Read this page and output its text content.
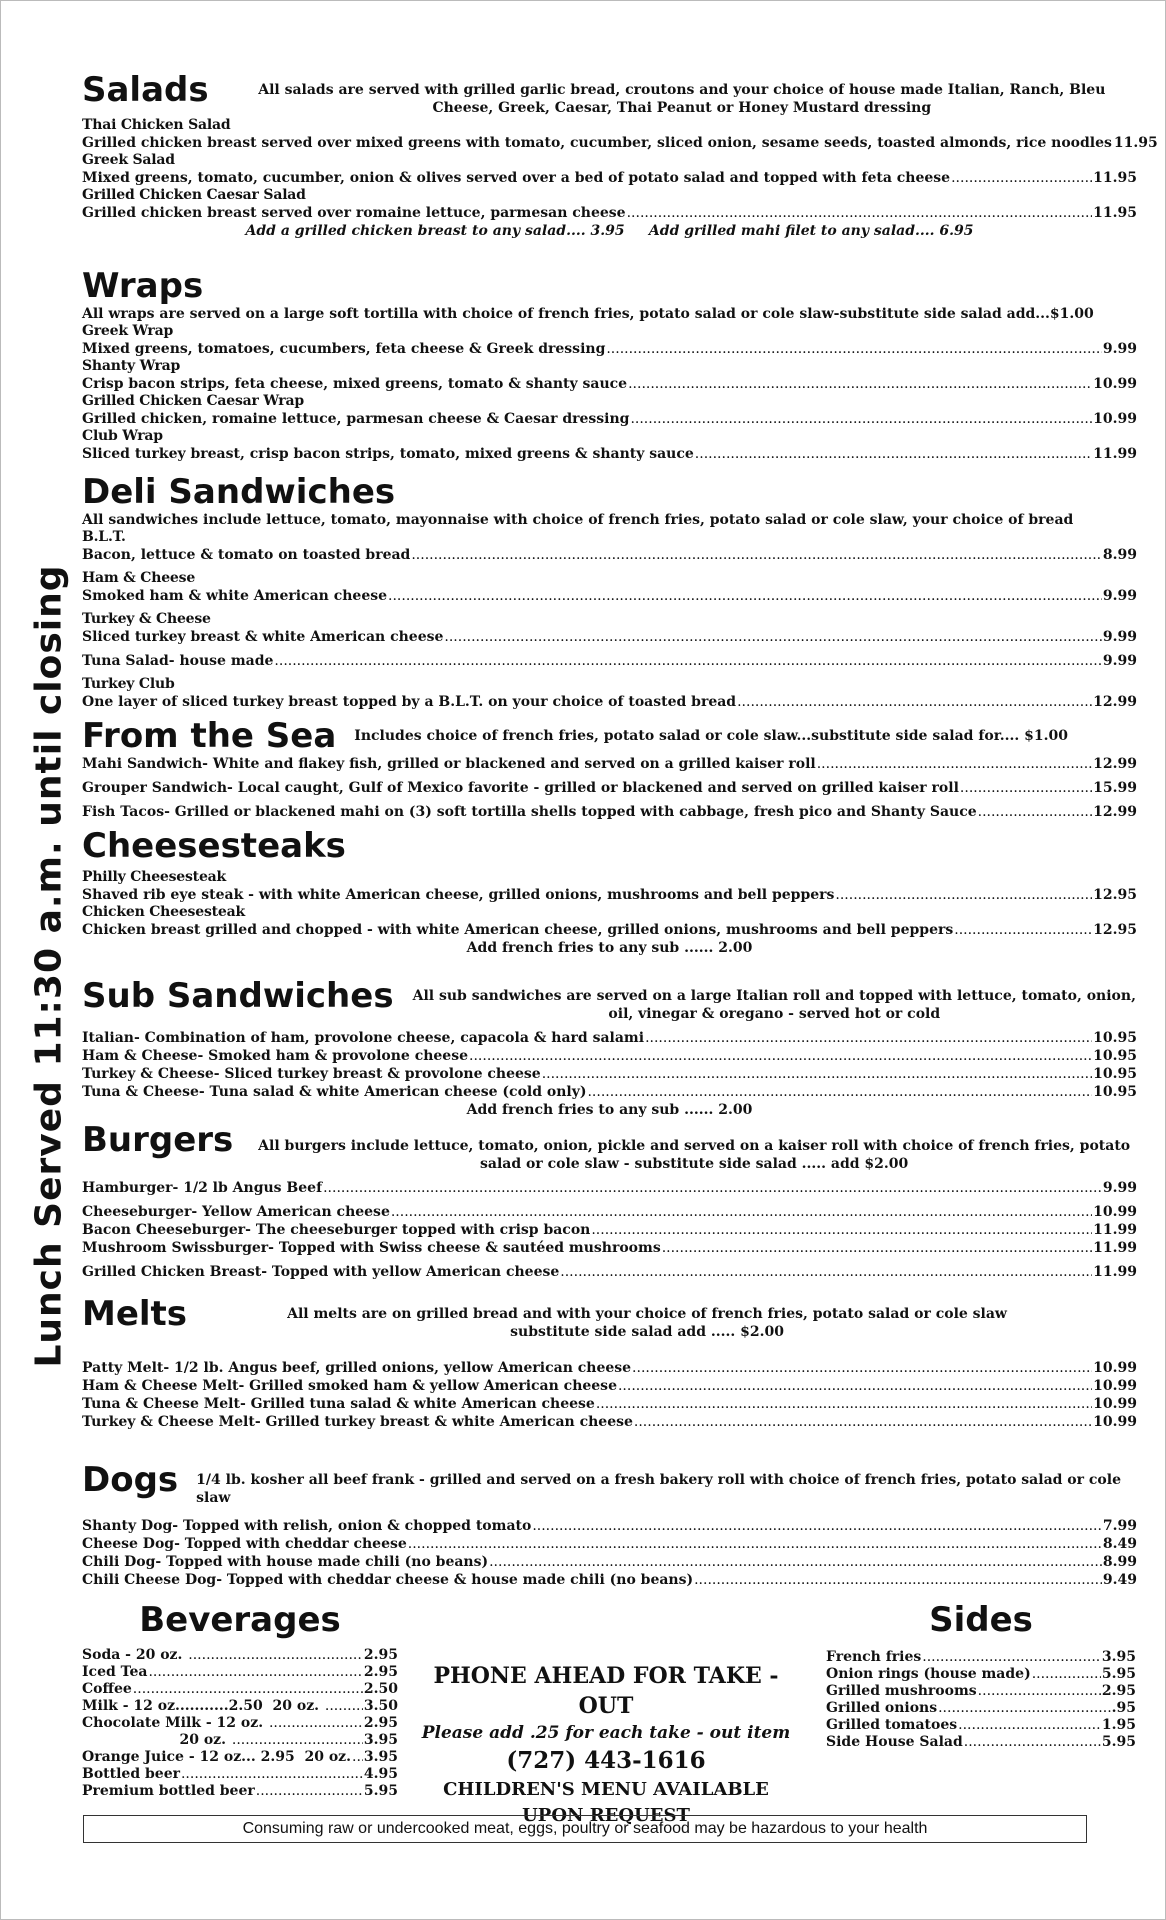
Lunch Served 11:30 a.m. until closing
Salads	All salads are served with grilled garlic bread, croutons and your choice of house made Italian, Ranch, Bleu Cheese, Greek, Caesar, Thai Peanut or Honey Mustard dressing
Thai Chicken Salad
Grilled chicken breast served over mixed greens with tomato, cucumber, sliced onion, sesame seeds, toasted almonds, rice noodles 11.95
Greek Salad
Mixed greens, tomato, cucumber, onion & olives served over a bed of potato salad and topped with feta cheese .....	11.95
Grilled Chicken Caesar Salad
Grilled chicken breast served over romaine lettuce, parmesan cheese .....	11.95
Add a grilled chicken breast to any salad.... 3.95     Add grilled mahi filet to any salad.... 6.95
Wraps
All wraps are served on a large soft tortilla with choice of french fries, potato salad or cole slaw-substitute side salad add...$1.00
Greek Wrap
Mixed greens, tomatoes, cucumbers, feta cheese & Greek dressing .....	9.99
Shanty Wrap
Crisp bacon strips, feta cheese, mixed greens, tomato & shanty sauce .....	10.99
Grilled Chicken Caesar Wrap
Grilled chicken, romaine lettuce, parmesan cheese & Caesar dressing .....	10.99
Club Wrap
Sliced turkey breast, crisp bacon strips, tomato, mixed greens & shanty sauce .....	11.99
Deli Sandwiches
All sandwiches include lettuce, tomato, mayonnaise with choice of french fries, potato salad or cole slaw, your choice of bread
B.L.T.
Bacon, lettuce & tomato on toasted bread .....	8.99
Ham & Cheese
Smoked ham & white American cheese .....	9.99
Turkey & Cheese
Sliced turkey breast & white American cheese .....	9.99
Tuna Salad - house made .....	9.99
Turkey Club
One layer of sliced turkey breast topped by a B.L.T. on your choice of toasted bread .....	12.99
From the Sea Includes choice of french fries, potato salad or cole slaw...substitute side salad for.... $1.00
Mahi Sandwich - White and flakey fish, grilled or blackened and served on a grilled kaiser roll .....	12.99
Grouper Sandwich - Local caught, Gulf of Mexico favorite - grilled or blackened and served on grilled kaiser roll .....	15.99
Fish Tacos - Grilled or blackened mahi on (3) soft tortilla shells topped with cabbage, fresh pico and Shanty Sauce .....	12.99
Cheesesteaks
Philly Cheesesteak
Shaved rib eye steak - with white American cheese, grilled onions, mushrooms and bell peppers .....	12.95
Chicken Cheesesteak
Chicken breast grilled and chopped - with white American cheese, grilled onions, mushrooms and bell peppers .....	12.95
Add french fries to any sub ...... 2.00
Sub Sandwiches All sub sandwiches are served on a large Italian roll and topped with lettuce, tomato, onion, oil, vinegar & oregano - served hot or cold
Italian - Combination of ham, provolone cheese, capacola & hard salami .....	10.95
Ham & Cheese - Smoked ham & provolone cheese .....	10.95
Turkey & Cheese - Sliced turkey breast & provolone cheese .....	10.95
Tuna & Cheese - Tuna salad & white American cheese (cold only) .....	10.95
Add french fries to any sub ...... 2.00
Burgers	All burgers include lettuce, tomato, onion, pickle and served on a kaiser roll with choice of french fries, potato salad or cole slaw - substitute side salad ..... add $2.00
Hamburger - 1/2 lb Angus Beef .....	9.99
Cheeseburger - Yellow American cheese .....	10.99
Bacon Cheeseburger - The cheeseburger topped with crisp bacon .....	11.99
Mushroom Swissburger - Topped with Swiss cheese & sautéed mushrooms .....	11.99
Grilled Chicken Breast - Topped with yellow American cheese .....	11.99
Melts	All melts are on grilled bread and with your choice of french fries, potato salad or cole slaw substitute side salad add ..... $2.00
Patty Melt - 1/2 lb. Angus beef, grilled onions, yellow American cheese .....	10.99
Ham & Cheese Melt - Grilled smoked ham & yellow American cheese .....	10.99
Tuna & Cheese Melt - Grilled tuna salad & white American cheese .....	10.99
Turkey & Cheese Melt - Grilled turkey breast & white American cheese .....	10.99
Dogs 1/4 lb. kosher all beef frank - grilled and served on a fresh bakery roll with choice of french fries, potato salad or cole slaw
Shanty Dog - Topped with relish, onion & chopped tomato .....	7.99
Cheese Dog - Topped with cheddar cheese .....	8.49
Chili Dog - Topped with house made chili (no beans) .....	8.99
Chili Cheese Dog - Topped with cheddar cheese & house made chili (no beans) .....	9.49
Beverages
Soda - 20 oz. .....	2.95
Iced Tea .....	2.95
Coffee .....	2.50
Milk - 12 oz...........2.50  20 oz. .....	3.50
Chocolate Milk - 12 oz. .....	2.95
20 oz. .....	3.95
Orange Juice - 12 oz... 2.95  20 oz. ..... 3.95
Bottled beer .....	4.95
Premium bottled beer .....	5.95
PHONE AHEAD FOR TAKE - OUT
Please add .25 for each take - out item
(727) 443-1616
CHILDREN'S MENU AVAILABLE
UPON REQUEST
Sides
French fries .....	3.95
Onion rings (house made) .....	5.95
Grilled mushrooms .....	2.95
Grilled onions .....	.95
Grilled tomatoes .....	1.95
Side House Salad .....	5.95
Consuming raw or undercooked meat, eggs, poultry or seafood may be hazardous to your health
